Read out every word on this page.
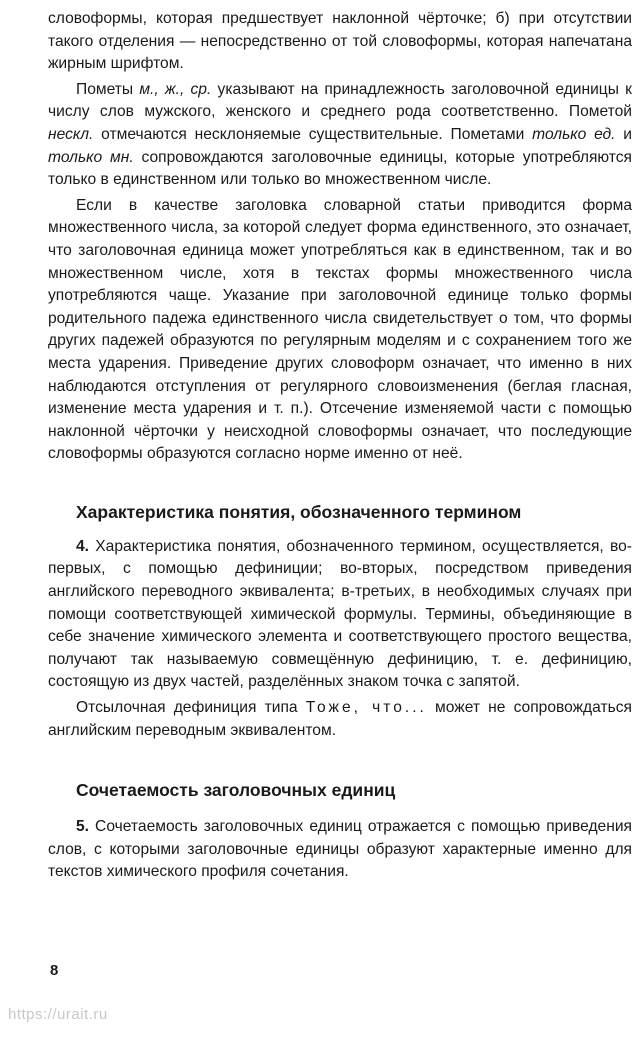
словоформы, которая предшествует наклонной чёрточке; б) при отсутствии такого отделения — непосредственно от той словоформы, которая напечатана жирным шрифтом.

Пометы м., ж., ср. указывают на принадлежность заголовочной единицы к числу слов мужского, женского и среднего рода соответственно. Пометой нескл. отмечаются несклоняемые существительные. Пометами только ед. и только мн. сопровождаются заголовочные единицы, которые употребляются только в единственном или только во множественном числе.

Если в качестве заголовка словарной статьи приводится форма множественного числа, за которой следует форма единственного, это означает, что заголовочная единица может употребляться как в единственном, так и во множественном числе, хотя в текстах формы множественного числа употребляются чаще. Указание при заголовочной единице только формы родительного падежа единственного числа свидетельствует о том, что формы других падежей образуются по регулярным моделям и с сохранением того же места ударения. Приведение других словоформ означает, что именно в них наблюдаются отступления от регулярного словоизменения (беглая гласная, изменение места ударения и т. п.). Отсечение изменяемой части с помощью наклонной чёрточки у неисходной словоформы означает, что последующие словоформы образуются согласно норме именно от неё.

Характеристика понятия, обозначенного термином

4. Характеристика понятия, обозначенного термином, осуществляется, во-первых, с помощью дефиниции; во-вторых, посредством приведения английского переводного эквивалента; в-третьих, в необходимых случаях при помощи соответствующей химической формулы. Термины, объединяющие в себе значение химического элемента и соответствующего простого вещества, получают так называемую совмещённую дефиницию, т. е. дефиницию, состоящую из двух частей, разделённых знаком точка с запятой.

Отсылочная дефиниция типа Тоже, что... может не сопровождаться английским переводным эквивалентом.

Сочетаемость заголовочных единиц

5. Сочетаемость заголовочных единиц отражается с помощью приведения слов, с которыми заголовочные единицы образуют характерные именно для текстов химического профиля сочетания.

8
https://urait.ru
